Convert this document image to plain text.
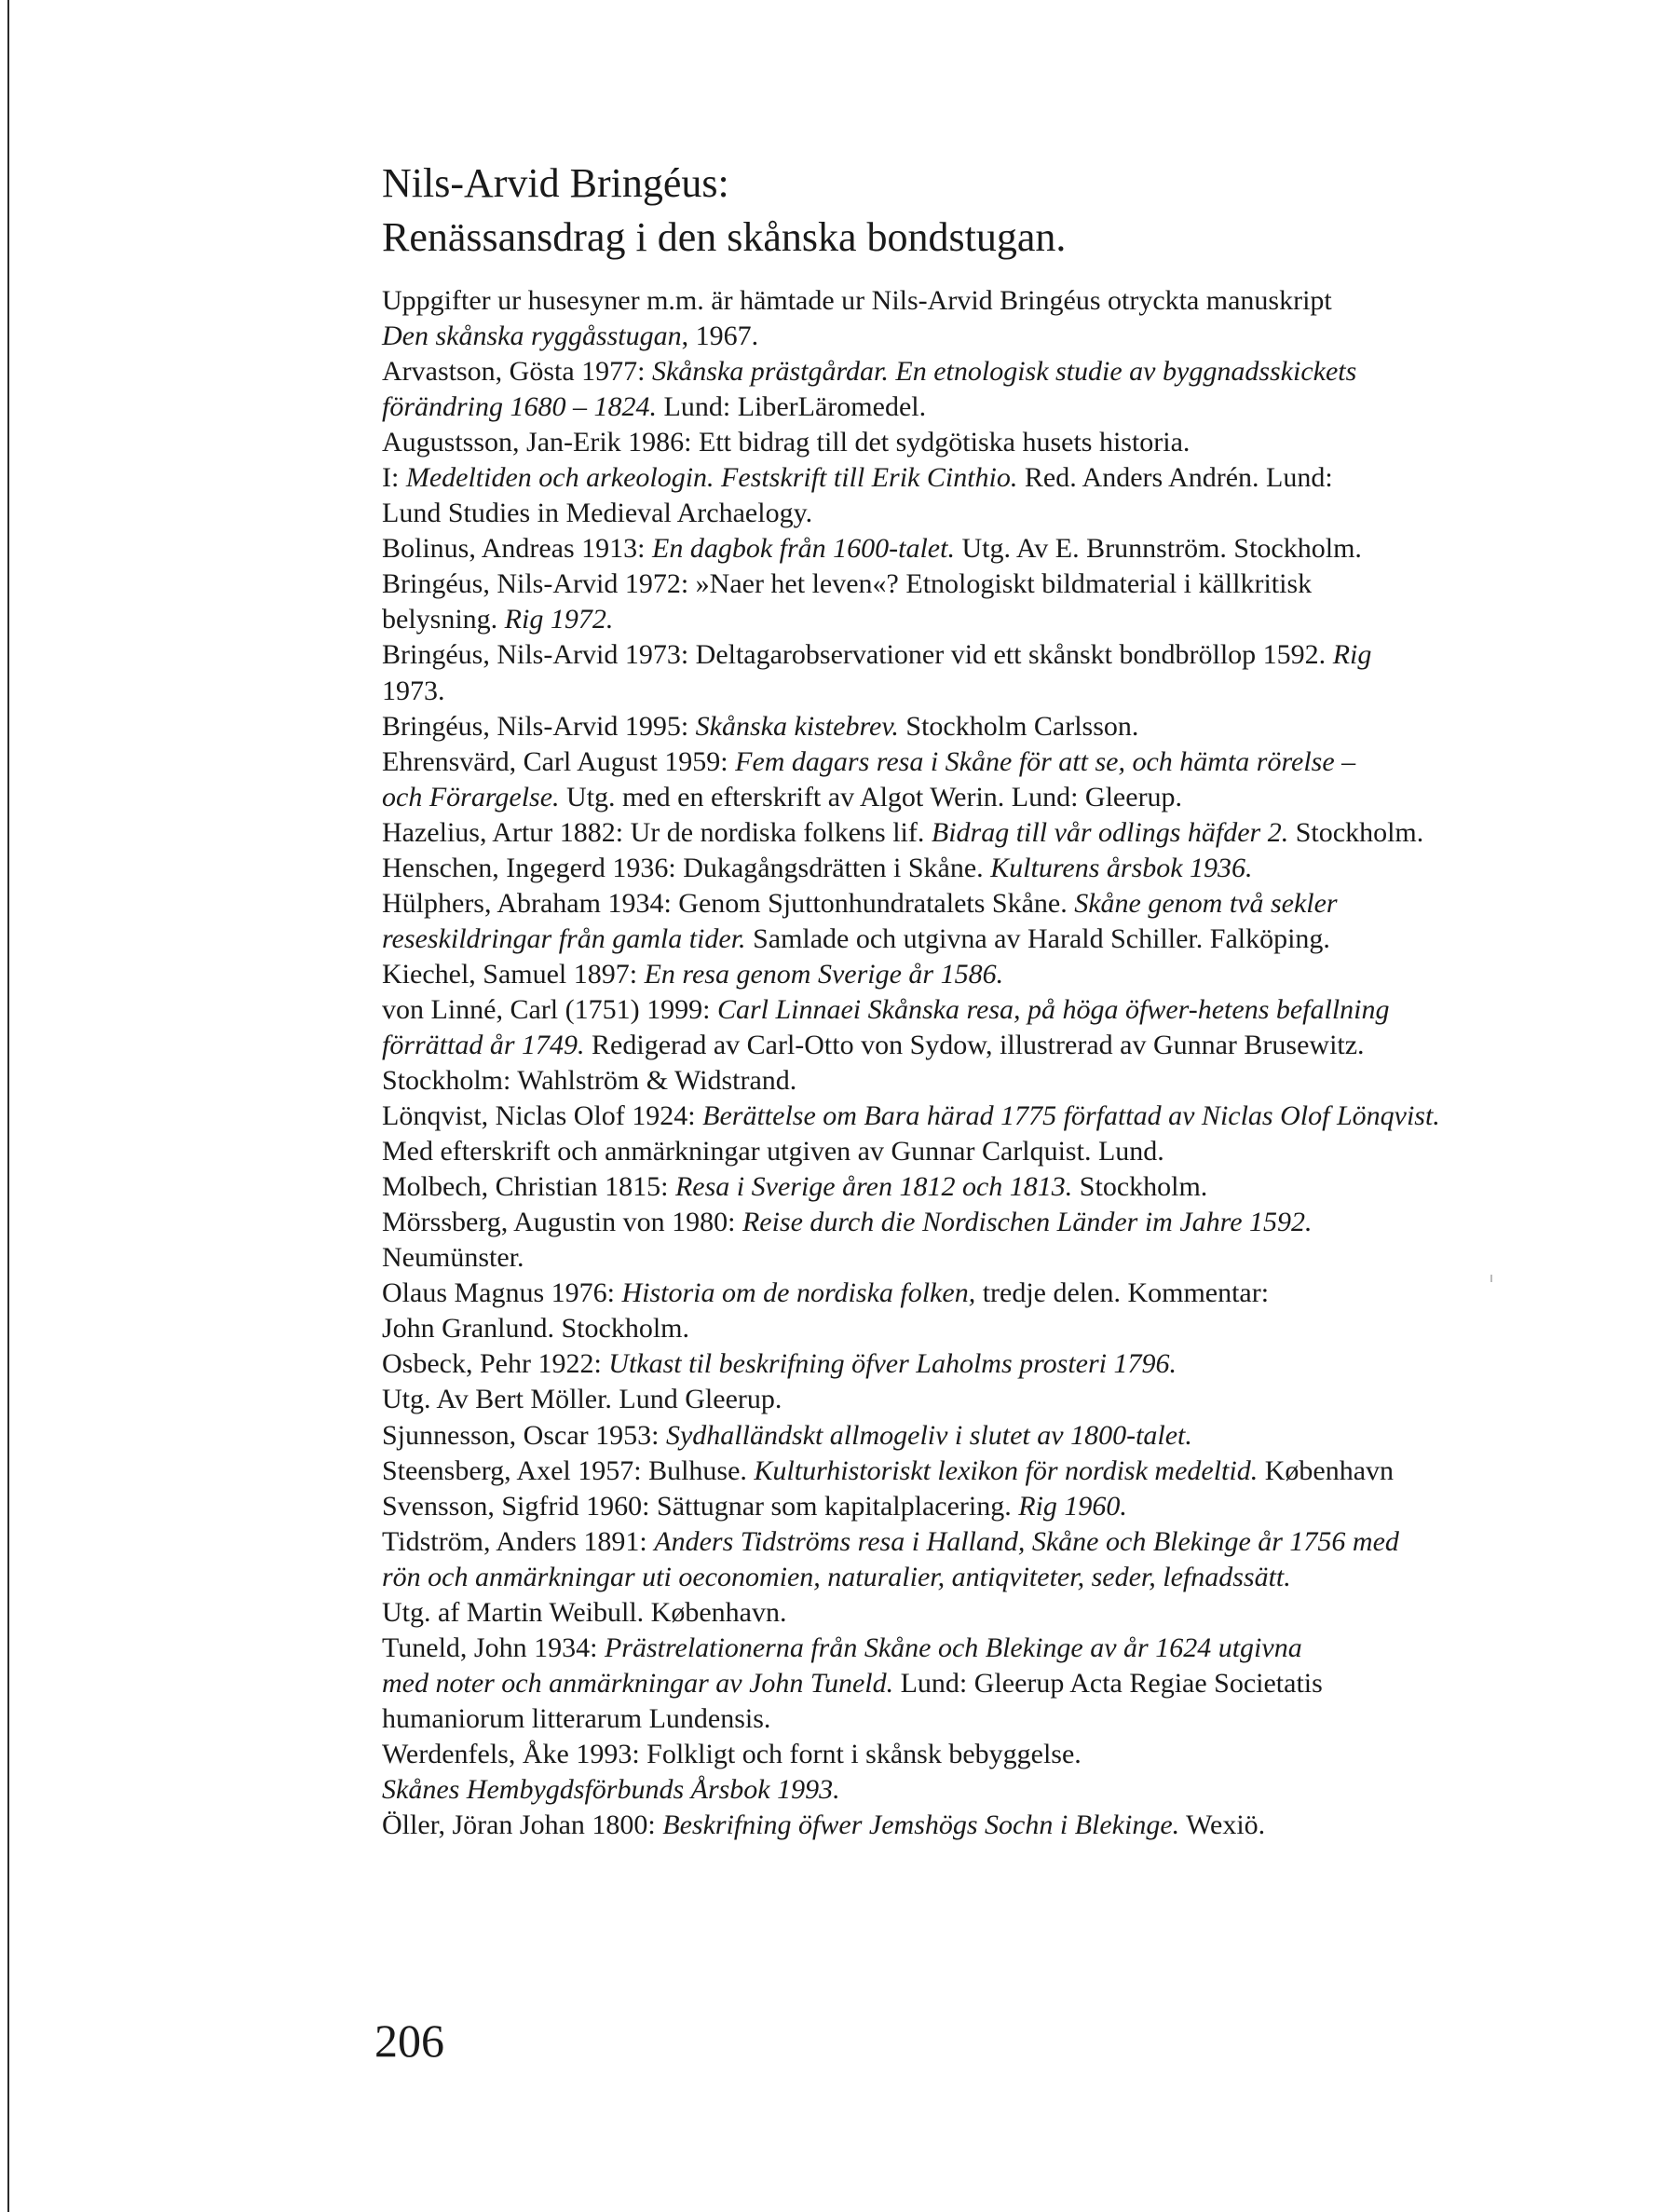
Nils-Arvid Bringéus:
Renässansdrag i den skånska bondstugan.
Uppgifter ur husesyner m.m. är hämtade ur Nils-Arvid Bringéus otryckta manuskript
Den skånska ryggåsstugan, 1967.
Arvastson, Gösta 1977: Skånska prästgårdar. En etnologisk studie av byggnadsskickets
förändring 1680 – 1824. Lund: LiberLäromedel.
Augustsson, Jan-Erik 1986: Ett bidrag till det sydgötiska husets historia.
I: Medeltiden och arkeologin. Festskrift till Erik Cinthio. Red. Anders Andrén. Lund:
Lund Studies in Medieval Archaelogy.
Bolinus, Andreas 1913: En dagbok från 1600-talet. Utg. Av E. Brunnström. Stockholm.
Bringéus, Nils-Arvid 1972: »Naer het leven«? Etnologiskt bildmaterial i källkritisk
belysning. Rig 1972.
Bringéus, Nils-Arvid 1973: Deltagarobservationer vid ett skånskt bondbröllop 1592. Rig
1973.
Bringéus, Nils-Arvid 1995: Skånska kistebrev. Stockholm Carlsson.
Ehrensvärd, Carl August 1959: Fem dagars resa i Skåne för att se, och hämta rörelse –
och Förargelse. Utg. med en efterskrift av Algot Werin. Lund: Gleerup.
Hazelius, Artur 1882: Ur de nordiska folkens lif. Bidrag till vår odlings häfder 2. Stockholm.
Henschen, Ingegerd 1936: Dukagångsdrätten i Skåne. Kulturens årsbok 1936.
Hülphers, Abraham 1934: Genom Sjuttonhundratalets Skåne. Skåne genom två sekler
reseskildringar från gamla tider. Samlade och utgivna av Harald Schiller. Falköping.
Kiechel, Samuel 1897: En resa genom Sverige år 1586.
von Linné, Carl (1751) 1999: Carl Linnaei Skånska resa, på höga öfwer-hetens befallning
förrättad år 1749. Redigerad av Carl-Otto von Sydow, illustrerad av Gunnar Brusewitz.
Stockholm: Wahlström & Widstrand.
Lönqvist, Niclas Olof 1924: Berättelse om Bara härad 1775 författad av Niclas Olof Lönqvist.
Med efterskrift och anmärkningar utgiven av Gunnar Carlquist. Lund.
Molbech, Christian 1815: Resa i Sverige åren 1812 och 1813. Stockholm.
Mörssberg, Augustin von 1980: Reise durch die Nordischen Länder im Jahre 1592.
Neumünster.
Olaus Magnus 1976: Historia om de nordiska folken, tredje delen. Kommentar:
John Granlund. Stockholm.
Osbeck, Pehr 1922: Utkast til beskrifning öfver Laholms prosteri 1796.
Utg. Av Bert Möller. Lund Gleerup.
Sjunnesson, Oscar 1953: Sydhalländskt allmogeliv i slutet av 1800-talet.
Steensberg, Axel 1957: Bulhuse. Kulturhistoriskt lexikon för nordisk medeltid. København
Svensson, Sigfrid 1960: Sättugnar som kapitalplacering. Rig 1960.
Tidström, Anders 1891: Anders Tidströms resa i Halland, Skåne och Blekinge år 1756 med
rön och anmärkningar uti oeconomien, naturalier, antiqviteter, seder, lefnadssätt.
Utg. af Martin Weibull. København.
Tuneld, John 1934: Prästrelationerna från Skåne och Blekinge av år 1624 utgivna
med noter och anmärkningar av John Tuneld. Lund: Gleerup Acta Regiae Societatis
humaniorum litterarum Lundensis.
Werdenfels, Åke 1993: Folkligt och fornt i skånsk bebyggelse.
Skånes Hembygdsförbunds Årsbok 1993.
Öller, Jöran Johan 1800: Beskrifning öfwer Jemshögs Sochn i Blekinge. Wexiö.
206
